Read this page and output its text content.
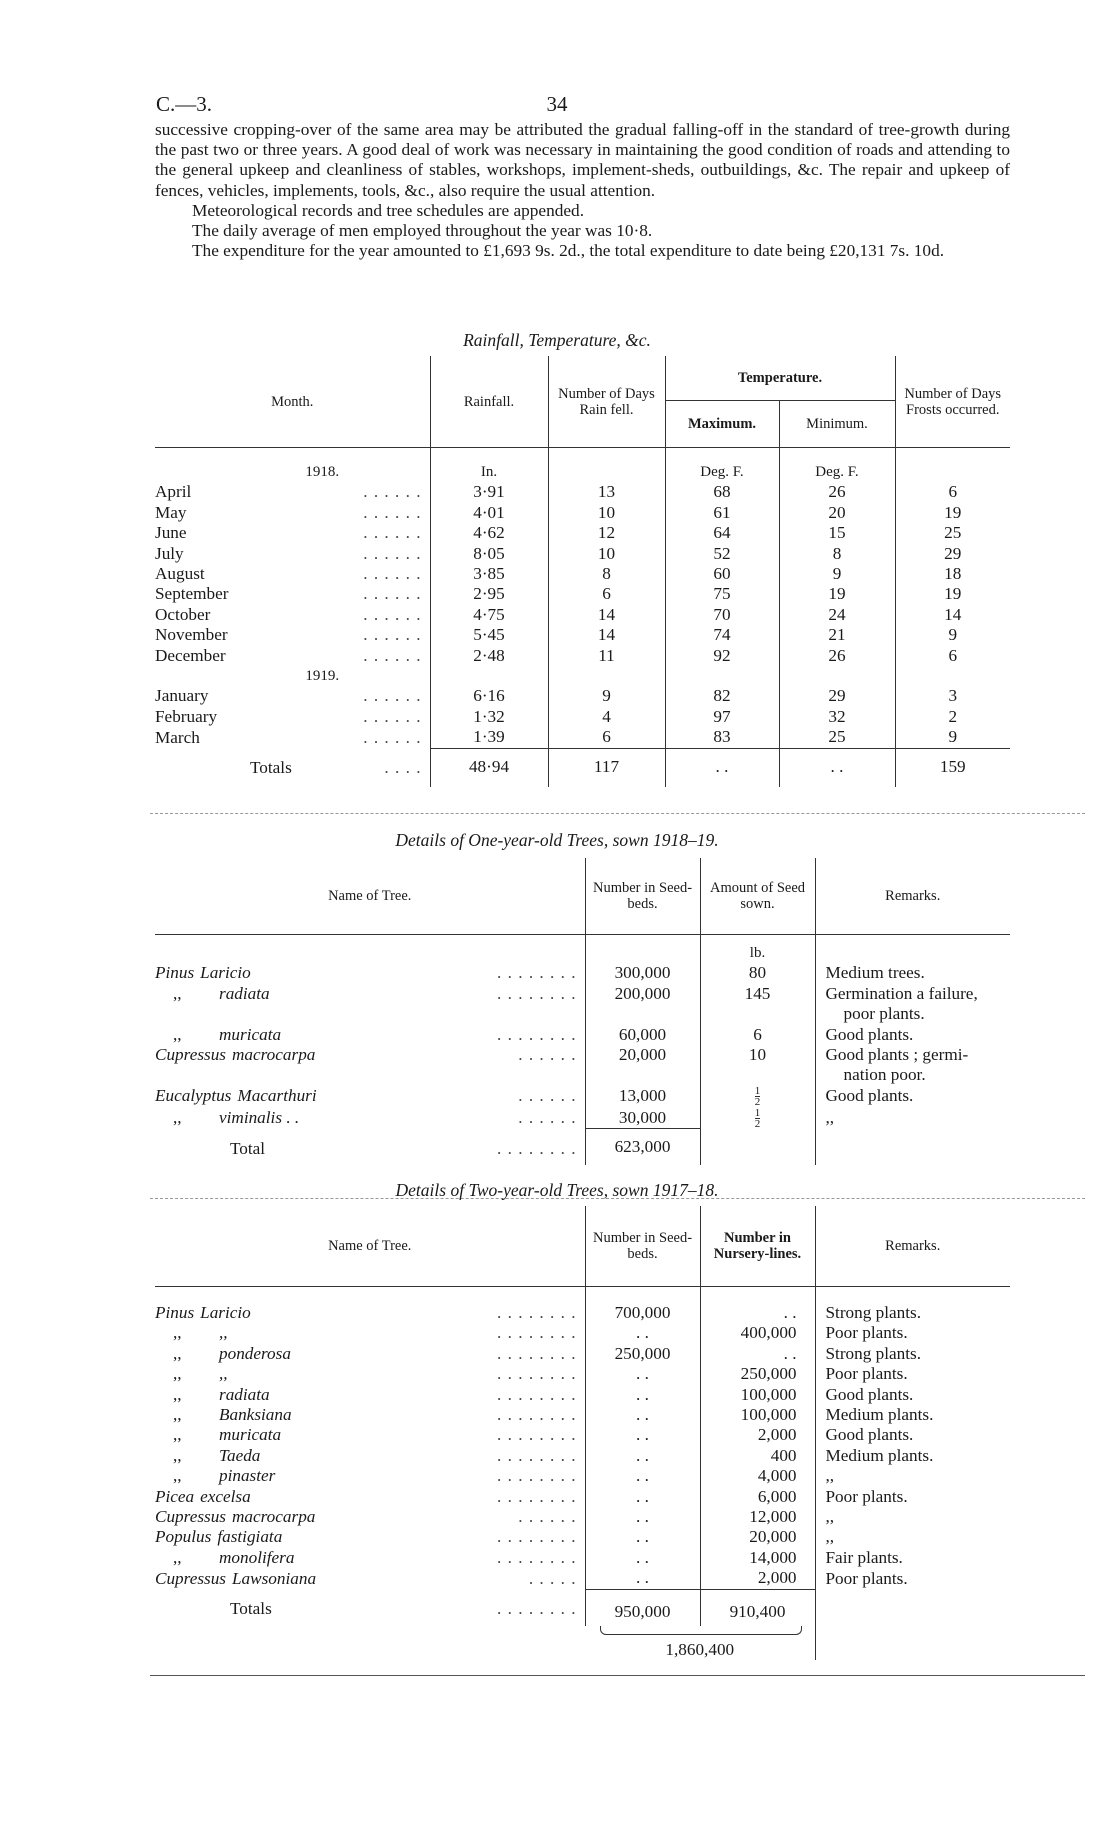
C.—3.	34

successive cropping-over of the same area may be attributed the gradual falling-off in the standard of tree-growth during the past two or three years. A good deal of work was necessary in maintaining the good condition of roads and attending to the general upkeep and cleanliness of stables, workshops, implement-sheds, outbuildings, &c. The repair and upkeep of fences, vehicles, implements, tools, &c., also require the usual attention.

Meteorological records and tree schedules are appended.

The daily average of men employed throughout the year was 10·8.

The expenditure for the year amounted to £1,693 9s. 2d., the total expenditure to date being £20,131 7s. 10d.

Rainfall, Temperature, &c.
Month.	Rainfall.	Number of Days Rain fell.	Temperature.		Number of Days Frosts occurred.
			Maximum.	Minimum.	
1918.	In.		Deg. F.	Deg. F.	
April . . . . . .	3·91	13	68	26	6
May . . . . . .	4·01	10	61	20	19
June . . . . . .	4·62	12	64	15	25
July . . . . . .	8·05	10	52	8	29
August . . . . . .	3·85	8	60	9	18
September . . . . . .	2·95	6	75	19	19
October . . . . . .	4·75	14	70	24	14
November . . . . . .	5·45	14	74	21	9
December . . . . . .	2·48	11	92	26	6
1919.					
January . . . . . .	6·16	9	82	29	3
February . . . . . .	1·32	4	97	32	2
March . . . . . .	1·39	6	83	25	9
Totals . . . .	48·94	117	. .	. .	159
Details of One-year-old Trees, sown 1918–19.
Name of Tree.	Number in Seed-beds.	Amount of Seed sown.	Remarks.
		lb.	
Pinus Laricio . . . . . . . .	300,000	80	Medium trees.
,, radiata . . . . . . . .	200,000	145	Germination a failure,
			poor plants.
,, muricata . . . . . . . .	60,000	6	Good plants.
Cupressus macrocarpa . . . . . .	20,000	10	Good plants ; germi-
			nation poor.
Eucalyptus Macarthuri . . . . . .	13,000	$\frac{1}{2}$	Good plants.
,, viminalis . . . . . . . .	30,000	$\frac{1}{2}$	,,
Total . . . . . . . .	623,000		
Details of Two-year-old Trees, sown 1917–18.
Name of Tree.	Number in Seed-beds.	Number in Nursery-lines.	Remarks.

Pinus Laricio . . . . . . . .	700,000	. .	Strong plants.
,, ,, . . . . . . . .	. .	400,000	Poor plants.
,, ponderosa . . . . . . . .	250,000	. .	Strong plants.
,, ,, . . . . . . . .	. .	250,000	Poor plants.
,, radiata . . . . . . . .	. .	100,000	Good plants.
,, Banksiana . . . . . . . .	. .	100,000	Medium plants.
,, muricata . . . . . . . .	. .	2,000	Good plants.
,, Taeda . . . . . . . .	. .	400	Medium plants.
,, pinaster . . . . . . . .	. .	4,000	,,
Picea excelsa . . . . . . . .	. .	6,000	Poor plants.
Cupressus macrocarpa . . . . . .	. .	12,000	,,
Populus fastigiata . . . . . . . .	. .	20,000	,,
,, monolifera . . . . . . . .	. .	14,000	Fair plants.
Cupressus Lawsoniana . . . . .	. .	2,000	Poor plants.
Totals . . . . . . . .	950,000	910,400	
	1,860,400		
